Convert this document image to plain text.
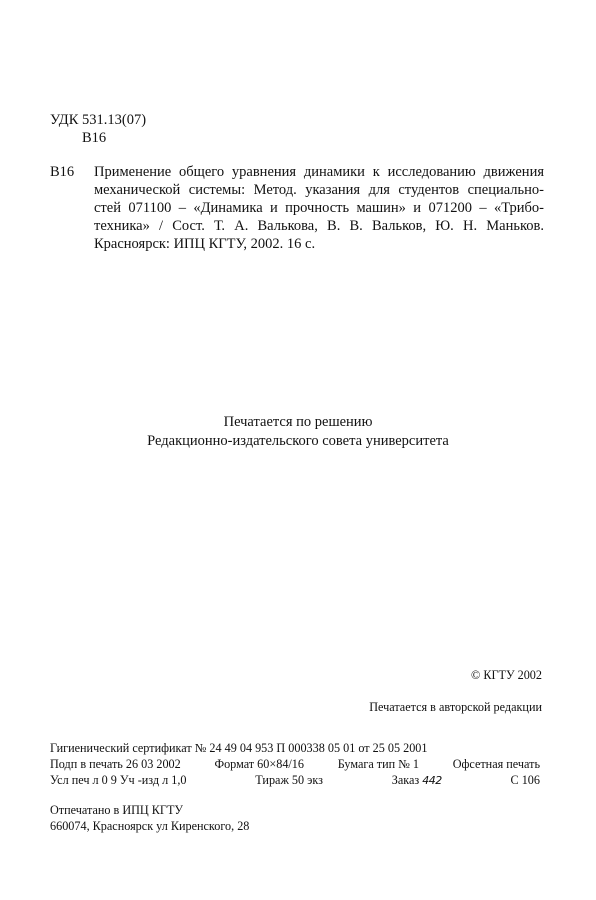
УДК 531.13(07)
В16
В16 Применение общего уравнения динамики к исследованию движения
механической системы: Метод. указания для студентов специально-
стей 071100 – «Динамика и прочность машин» и 071200 – «Трибо-
техника» / Сост. Т. А. Валькова, В. В. Вальков, Ю. Н. Маньков.
Красноярск: ИПЦ КГТУ, 2002. 16 с.
Печатается по решению
Редакционно-издательского совета университета
© КГТУ 2002
Печатается в авторской редакции
Гигиенический сертификат № 24 49 04 953 П 000338 05 01 от 25 05 2001
Подп в печать 26 03 2002	Формат 60×84/16	Бумага тип № 1	Офсетная печать
Усл печ л 0 9 Уч -изд л 1,0	Тираж 50 экз	Заказ 442	С 106
Отпечатано в ИПЦ КГТУ
660074, Красноярск ул Киренского, 28
